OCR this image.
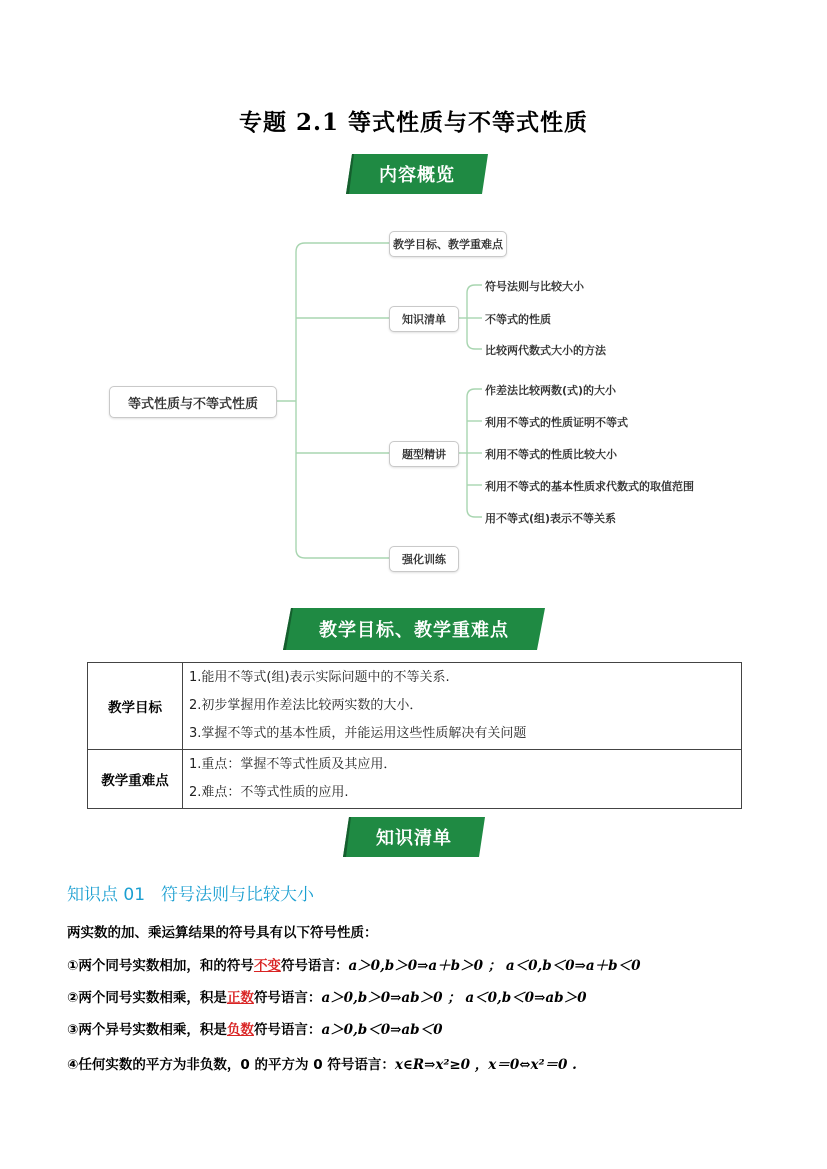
专题 2.1 等式性质与不等式性质
内容概览
等式性质与不等式性质
教学目标、教学重难点
知识清单
题型精讲
强化训练
符号法则与比较大小
不等式的性质
比较两代数式大小的方法
作差法比较两数(式)的大小
利用不等式的性质证明不等式
利用不等式的性质比较大小
利用不等式的基本性质求代数式的取值范围
用不等式(组)表示不等关系
教学目标、教学重难点
教学目标	1.能用不等式(组)表示实际问题中的不等关系.
2.初步掌握用作差法比较两实数的大小．
3.掌握不等式的基本性质，并能运用这些性质解决有关问题

教学重难点	1.重点：掌握不等式性质及其应用．
2.难点：不等式性质的应用.
知识清单
知识点 01 符号法则与比较大小
两实数的加、乘运算结果的符号具有以下符号性质：
①两个同号实数相加，和的符号不变符号语言：a＞0,b＞0⇒a＋b＞0 ； a＜0,b＜0⇒a＋b＜0
②两个同号实数相乘，积是正数符号语言：a＞0,b＞0⇒ab＞0 ； a＜0,b＜0⇒ab＞0
③两个异号实数相乘，积是负数符号语言：a＞0,b＜0⇒ab＜0
④任何实数的平方为非负数，0 的平方为 0 符号语言：x∈R⇒x²≥0 ，x＝0⇔x²＝0 .
